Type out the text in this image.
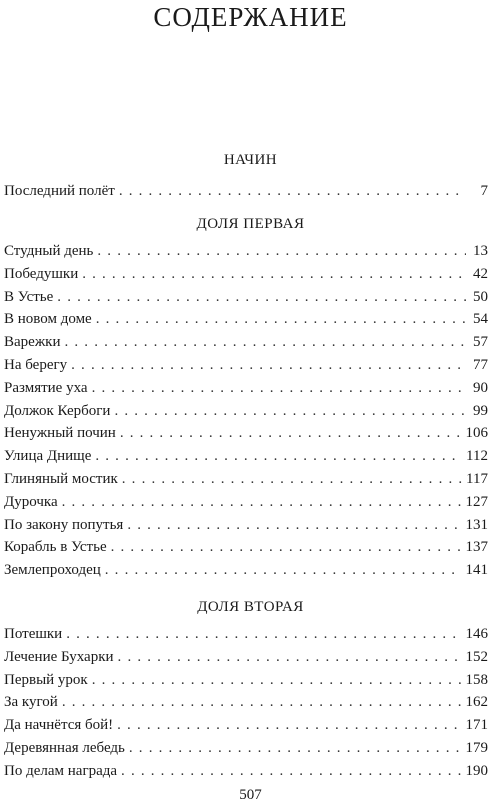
СОДЕРЖАНИЕ
НАЧИН
Последний полёт . . .	7
ДОЛЯ ПЕРВАЯ
Студный день . . .	13
Победушки . . .	42
В Устье . . .	50
В новом доме . . .	54
Варежки . . .	57
На берегу . . .	77
Размятие уха . . .	90
Должок Кербоги . . .	99
Ненужный почин . . .	106
Улица Днище . . .	112
Глиняный мостик . . .	117
Дурочка . . .	127
По закону попутья . . .	131
Корабль в Устье . . .	137
Землепроходец . . .	141
ДОЛЯ ВТОРАЯ
Потешки . . .	146
Лечение Бухарки . . .	152
Первый урок . . .	158
За кугой . . .	162
Да начнётся бой! . . .	171
Деревянная лебедь . . .	179
По делам награда . . .	190
507
